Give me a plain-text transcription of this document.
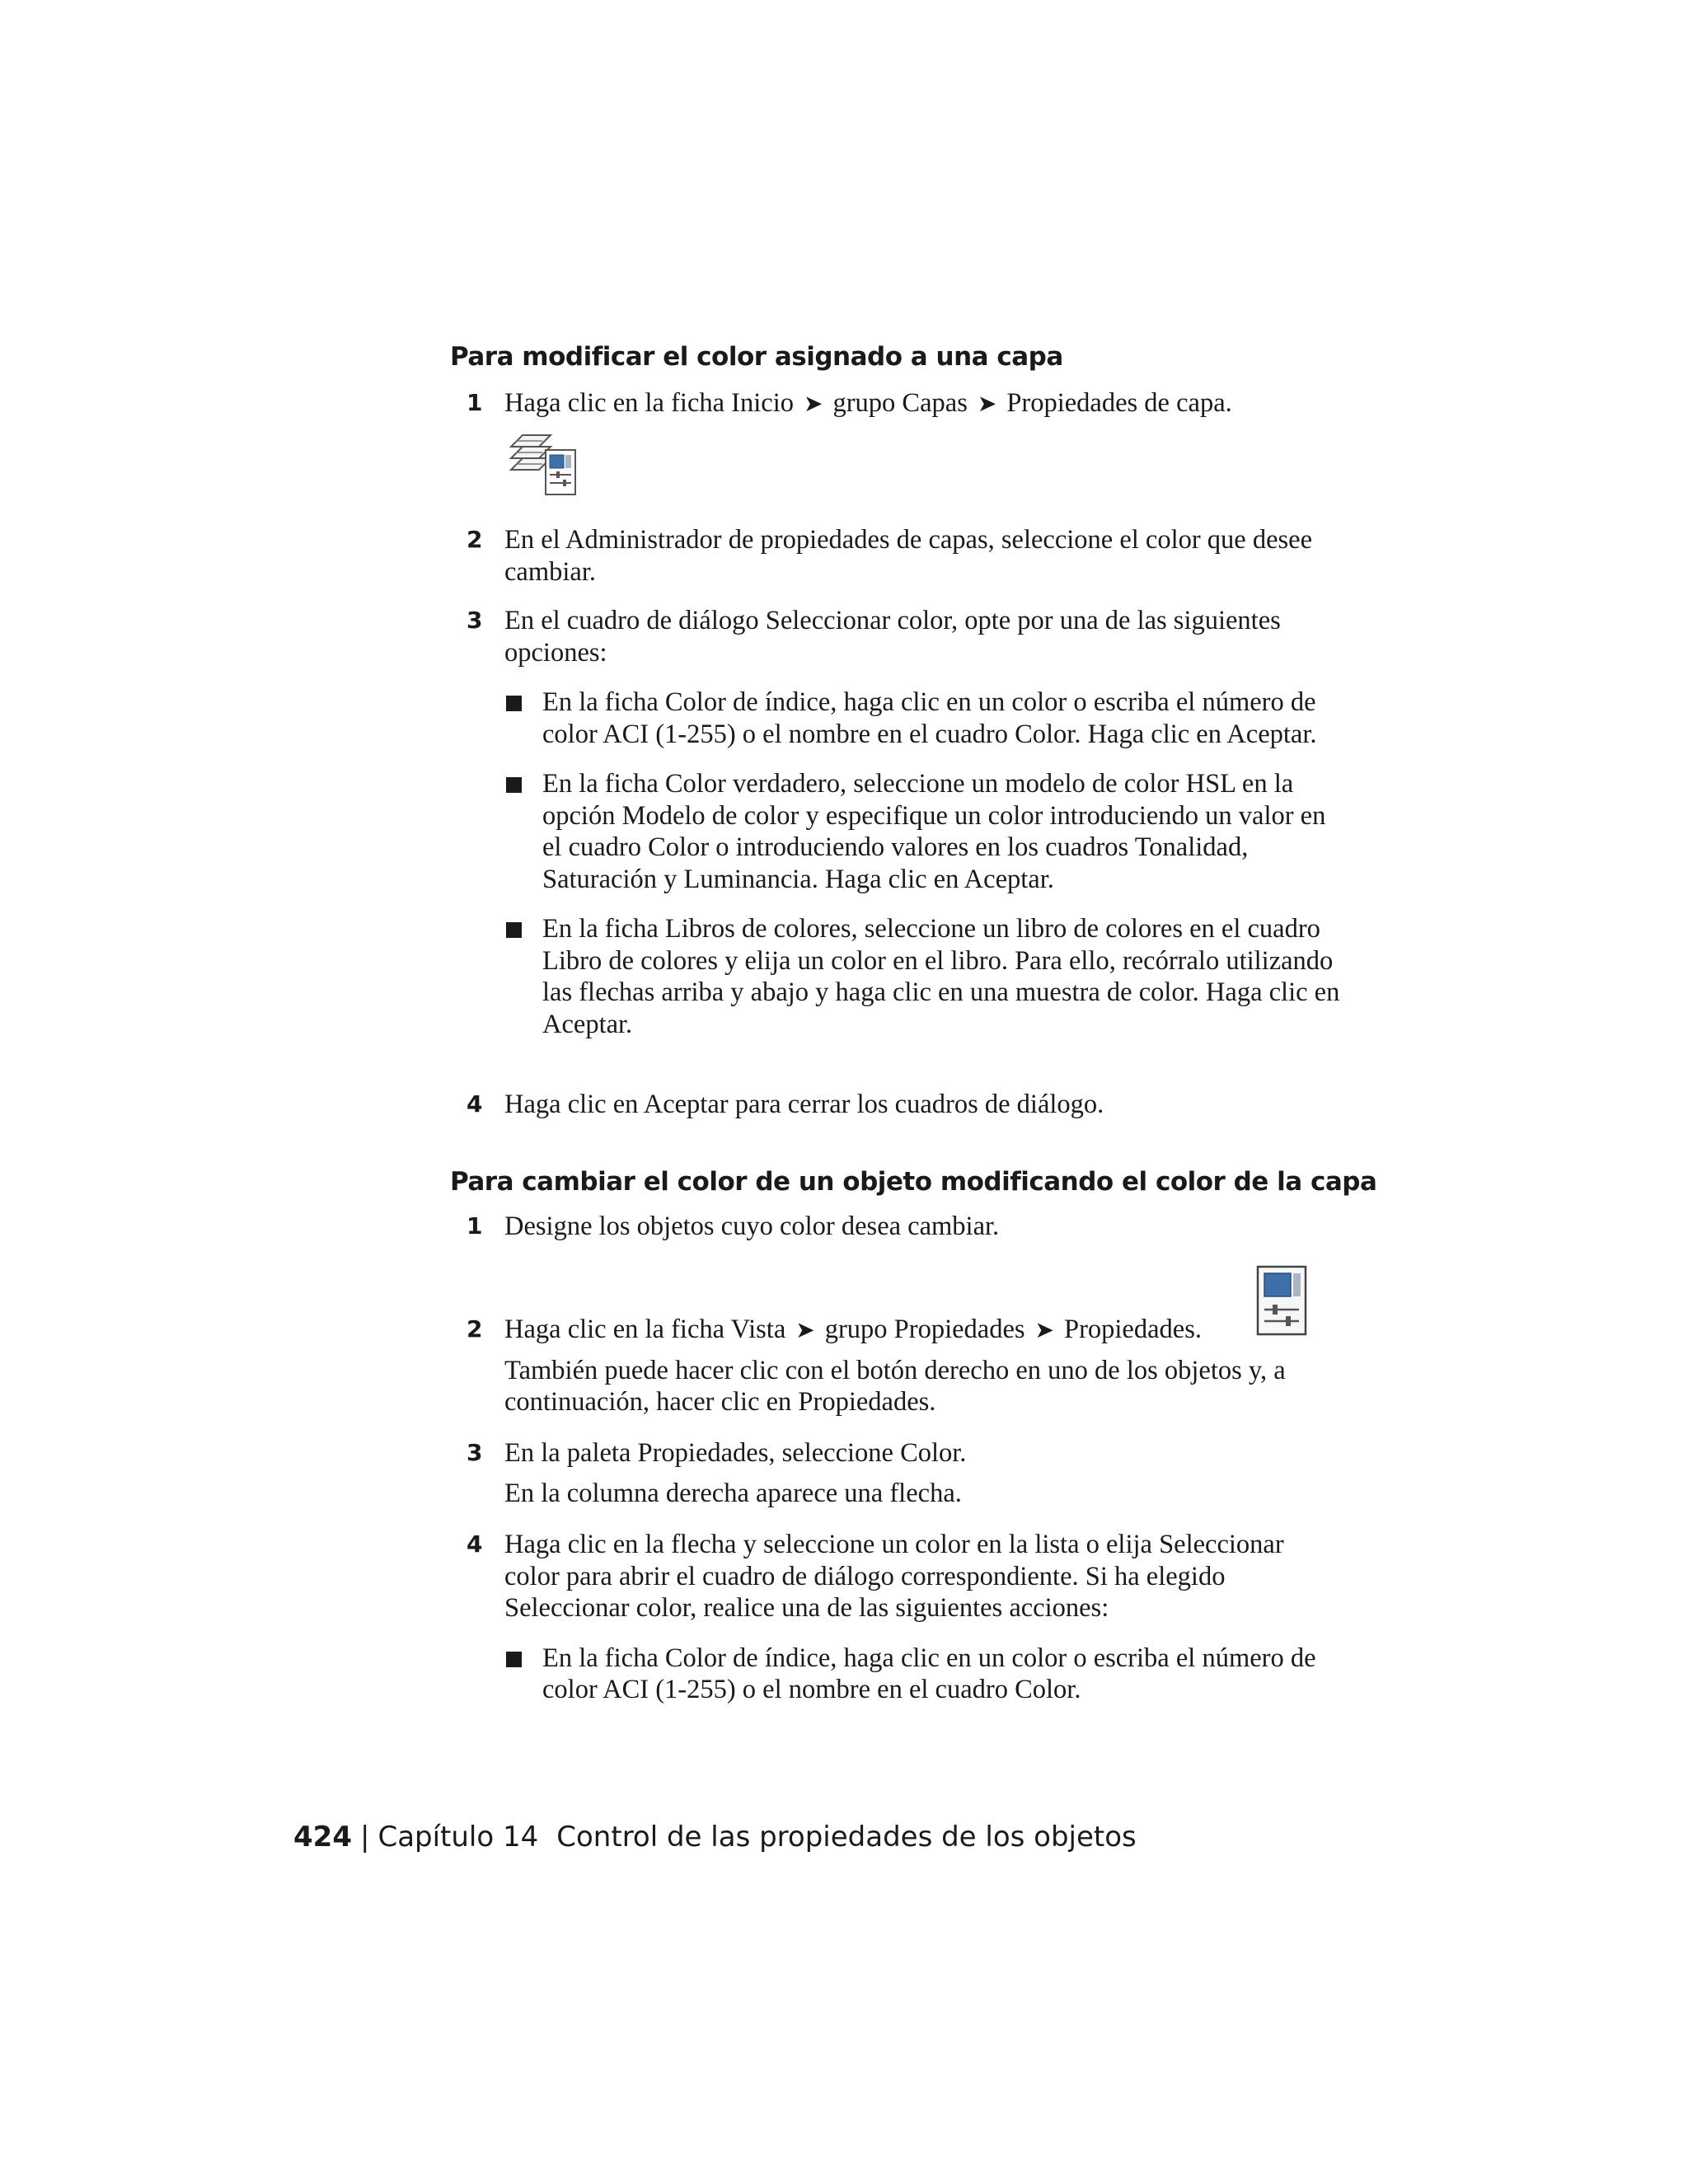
Para modificar el color asignado a una capa
1 Haga clic en la ficha Inicio ➤ grupo Capas ➤ Propiedades de capa.

2 En el Administrador de propiedades de capas, seleccione el color que desee cambiar.

3 En el cuadro de diálogo Seleccionar color, opte por una de las siguientes opciones:

En la ficha Color de índice, haga clic en un color o escriba el número de color ACI (1-255) o el nombre en el cuadro Color. Haga clic en Aceptar.
En la ficha Color verdadero, seleccione un modelo de color HSL en la opción Modelo de color y especifique un color introduciendo un valor en el cuadro Color o introduciendo valores en los cuadros Tonalidad, Saturación y Luminancia. Haga clic en Aceptar.
En la ficha Libros de colores, seleccione un libro de colores en el cuadro Libro de colores y elija un color en el libro. Para ello, recórralo utilizando las flechas arriba y abajo y haga clic en una muestra de color. Haga clic en Aceptar.
4 Haga clic en Aceptar para cerrar los cuadros de diálogo.

Para cambiar el color de un objeto modificando el color de la capa
1 Designe los objetos cuyo color desea cambiar.

2 Haga clic en la ficha Vista ➤ grupo Propiedades ➤ Propiedades.

También puede hacer clic con el botón derecho en uno de los objetos y, a continuación, hacer clic en Propiedades.

3 En la paleta Propiedades, seleccione Color.

En la columna derecha aparece una flecha.

4 Haga clic en la flecha y seleccione un color en la lista o elija Seleccionar color para abrir el cuadro de diálogo correspondiente. Si ha elegido Seleccionar color, realice una de las siguientes acciones:

En la ficha Color de índice, haga clic en un color o escriba el número de color ACI (1-255) o el nombre en el cuadro Color.
424 | Capítulo 14 Control de las propiedades de los objetos
